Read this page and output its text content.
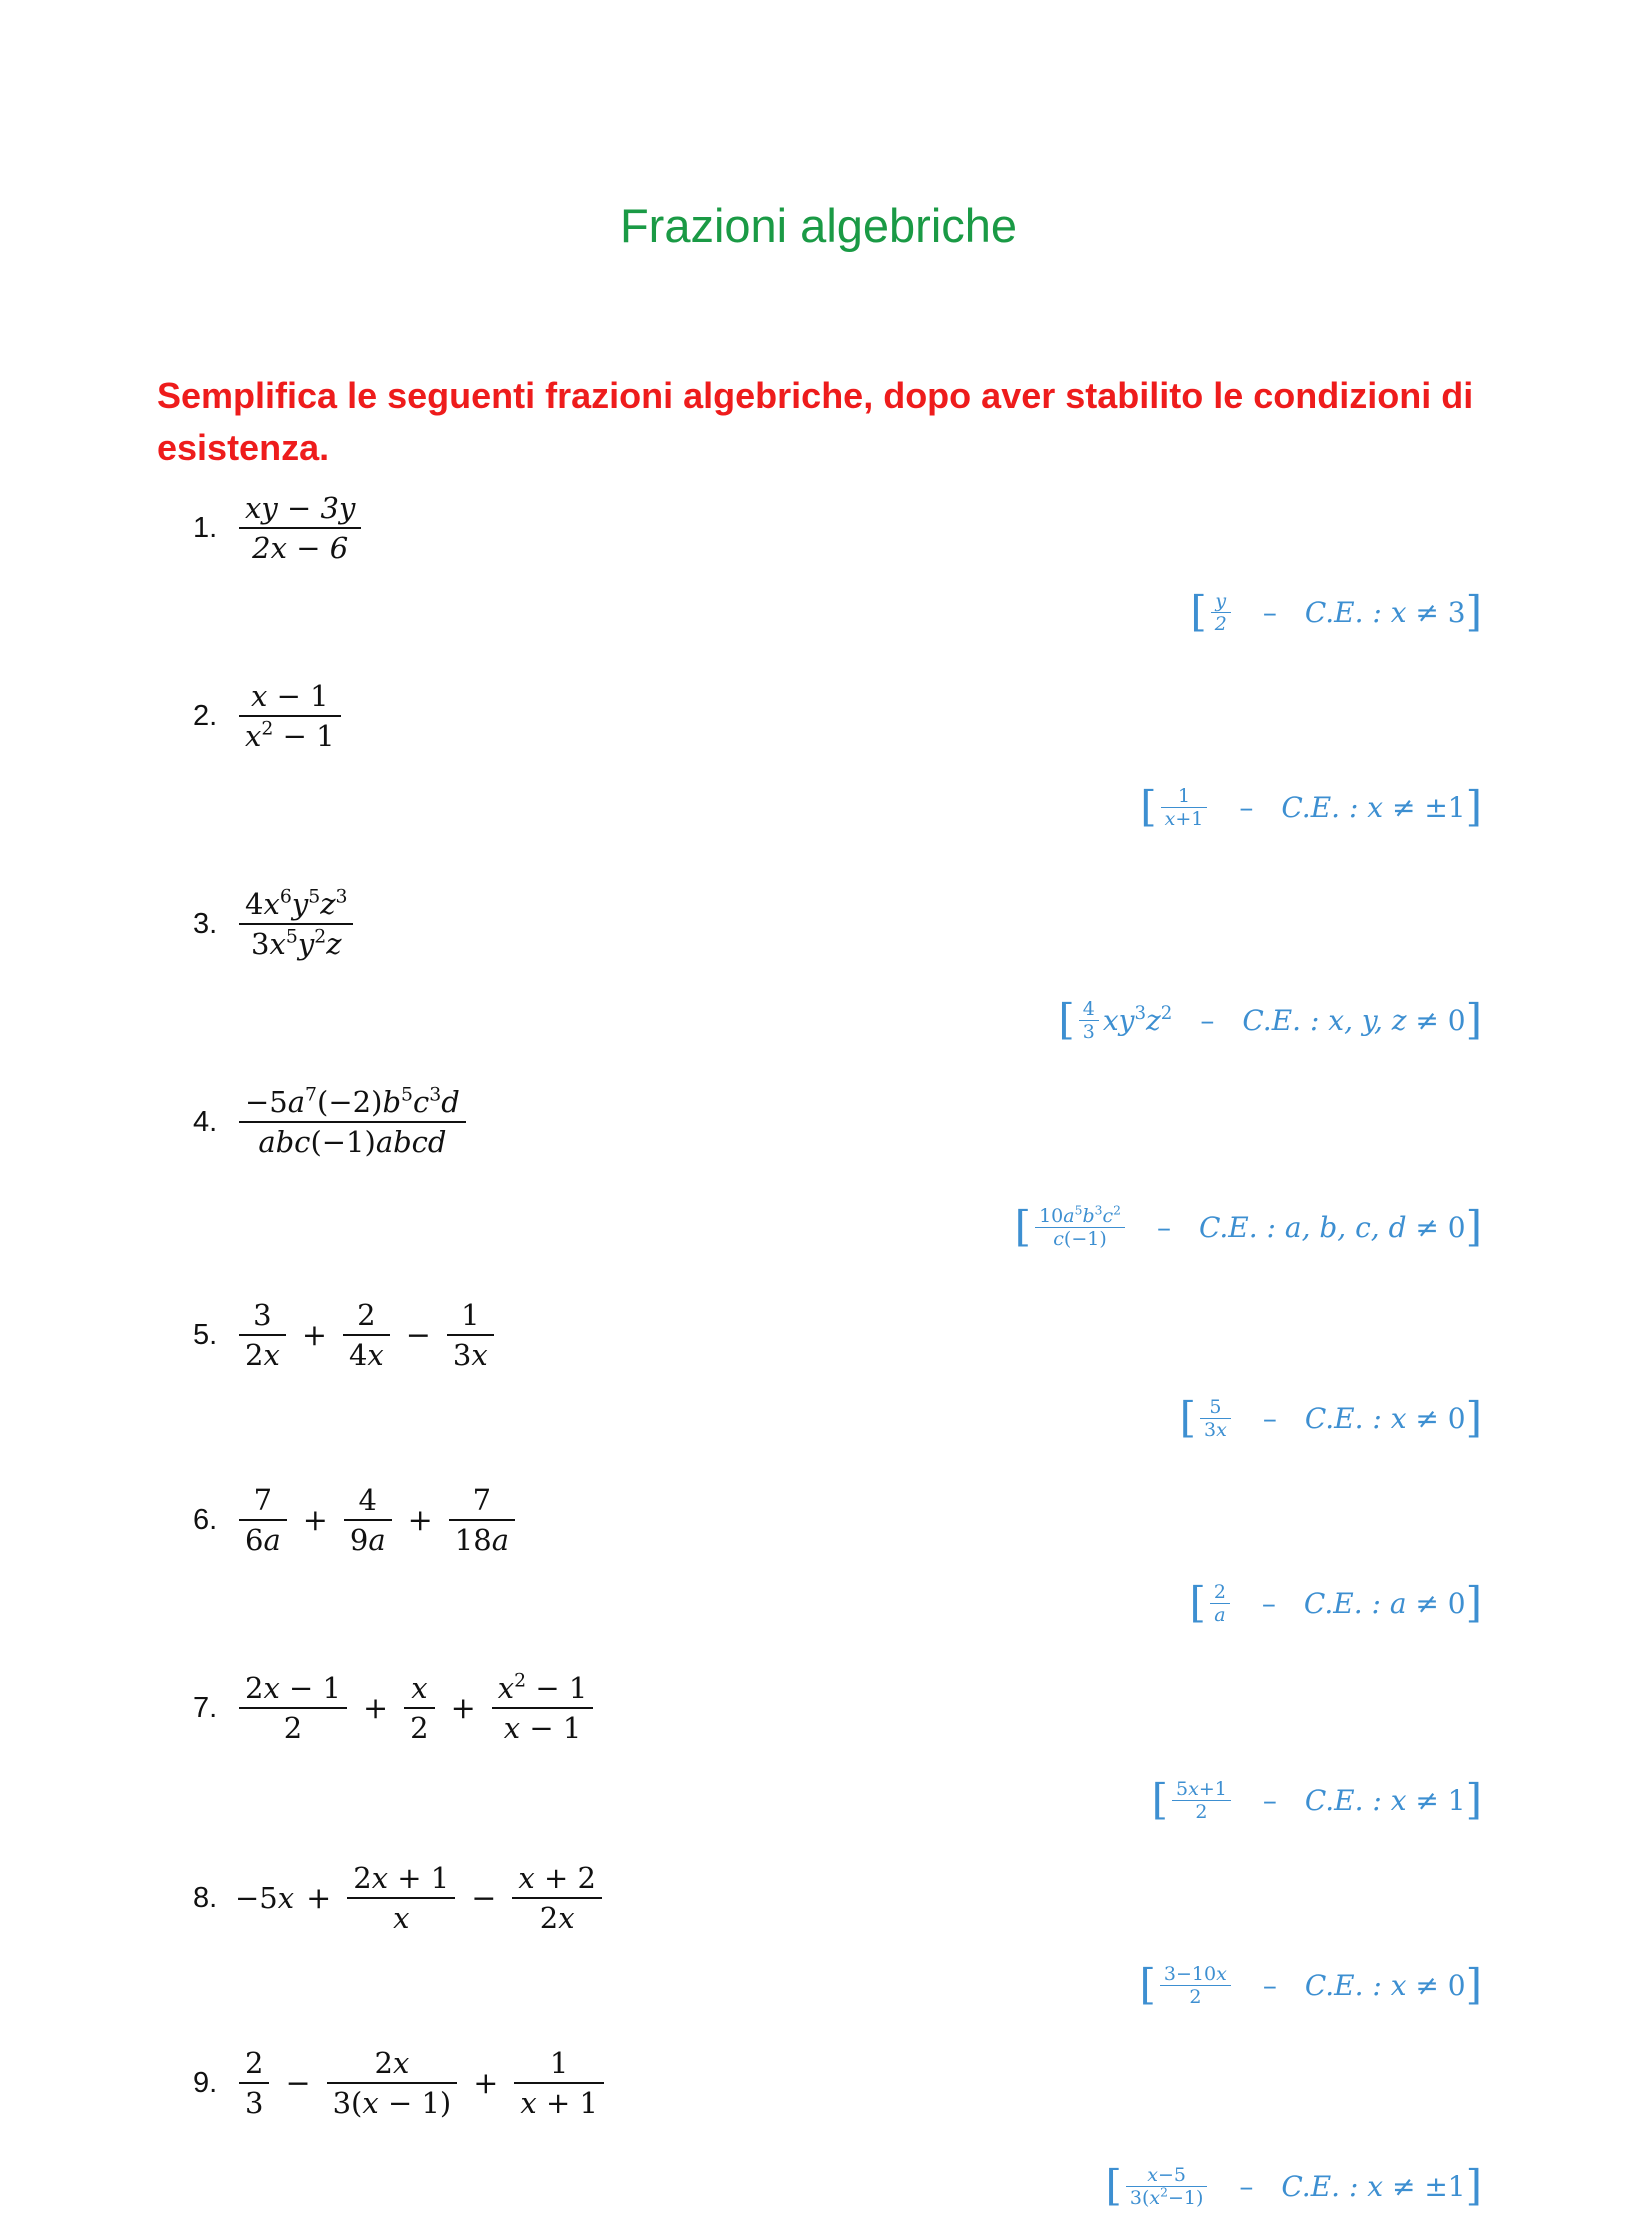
Frazioni algebriche
Semplifica le seguenti frazioni algebriche, dopo aver stabilito le condizioni di esistenza.
1. $\frac{xy - 3y}{2x - 6}$
[ $\frac{y}{2} - C.E$. : x ≠ 3 ]
2. $\frac{x - 1}{x^2 - 1}$
[ $\frac{1}{x+1} - C.E$. : x ≠ ±1 ]
3. $\frac{4x^6y^5z^3}{3x^5y^2z}$
[ $\frac{4}{3} xy^3z^2 - C.E$. : x, y, z ≠ 0 ]
4. $\frac{-5a^7(-2)b^5c^3d}{\text{abc(−1)abcd}}$
[ $\frac{10a^5b^3c^2}{c(-1)} - C.E$. : a, b, c, d ≠ 0 ]
5. $\frac{3}{2x} + \frac{2}{4x} - \frac{1}{3x}$
[ $\frac{5}{3x} - C.E$. : x ≠ 0 ]
6. $\frac{7}{6a} + \frac{4}{9a} + \frac{7}{18a}$
[ $\frac{2}{a} - C.E$. : a ≠ 0 ]
7. $\frac{2x - 1}{2} + \frac{x}{2} + \frac{x^2 - 1}{x - 1}$
[ $\frac{5x+1}{2} - C.E$. : x ≠ 1 ]
8. $-5x + \frac{2x + 1}{x} - \frac{x + 2}{2x}$
[ $\frac{3-10x}{2} - C.E$. : x ≠ 0 ]
9. $\frac{2}{3} - \frac{2x}{3(x - 1)} + \frac{1}{x + 1}$
[ $\frac{x-5}{3(x^2-1)} - C.E$. : x ≠ ±1 ]
